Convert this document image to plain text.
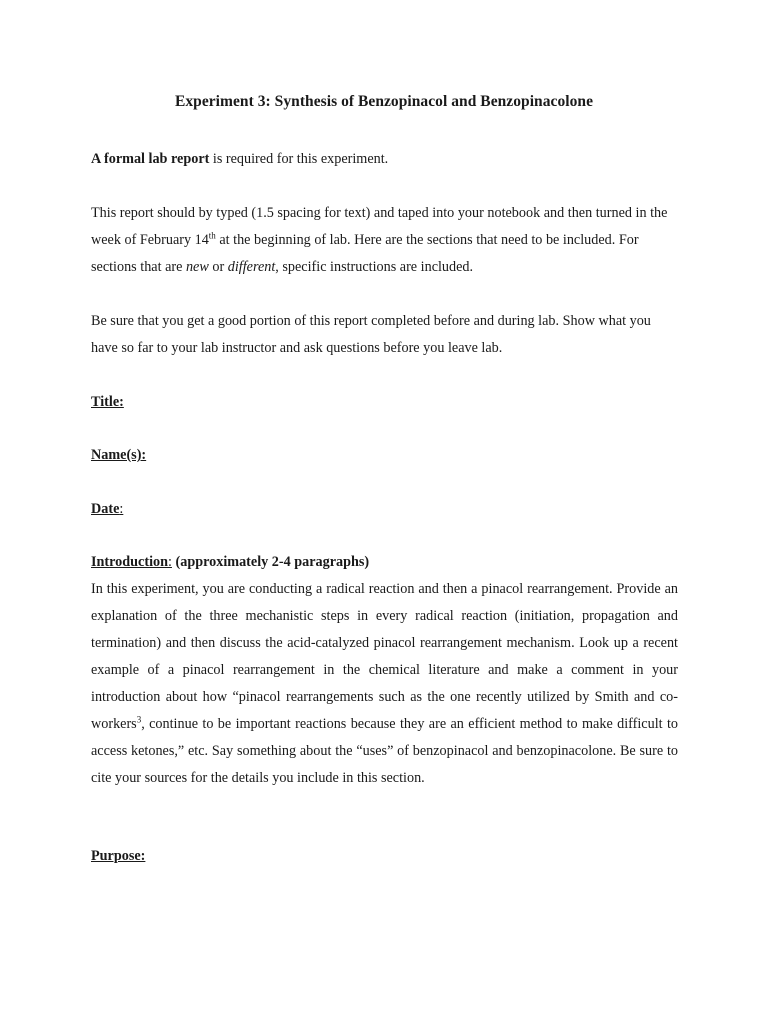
Experiment 3: Synthesis of Benzopinacol and Benzopinacolone

A formal lab report is required for this experiment.

This report should by typed (1.5 spacing for text) and taped into your notebook and then turned in the week of February 14th at the beginning of lab. Here are the sections that need to be included. For sections that are new or different, specific instructions are included.

Be sure that you get a good portion of this report completed before and during lab. Show what you have so far to your lab instructor and ask questions before you leave lab.

Title:
Name(s):
Date:
Introduction: (approximately 2-4 paragraphs)

In this experiment, you are conducting a radical reaction and then a pinacol rearrangement. Provide an explanation of the three mechanistic steps in every radical reaction (initiation, propagation and termination) and then discuss the acid-catalyzed pinacol rearrangement mechanism. Look up a recent example of a pinacol rearrangement in the chemical literature and make a comment in your introduction about how “pinacol rearrangements such as the one recently utilized by Smith and co-workers$^3$, continue to be important reactions because they are an efficient method to make difficult to access ketones,” etc. Say something about the “uses” of benzopinacol and benzopinacolone. Be sure to cite your sources for the details you include in this section.

Purpose:
